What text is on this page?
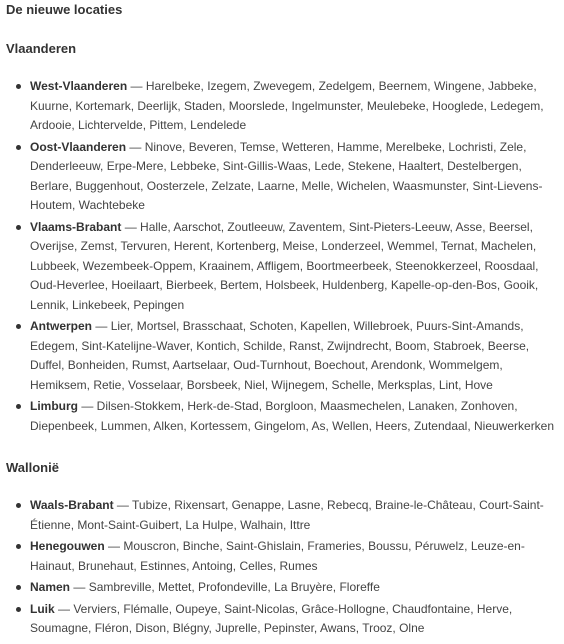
De nieuwe locaties
Vlaanderen
West-Vlaanderen — Harelbeke, Izegem, Zwevegem, Zedelgem, Beernem, Wingene, Jabbeke, Kuurne, Kortemark, Deerlijk, Staden, Moorslede, Ingelmunster, Meulebeke, Hooglede, Ledegem, Ardooie, Lichtervelde, Pittem, Lendelede
Oost-Vlaanderen — Ninove, Beveren, Temse, Wetteren, Hamme, Merelbeke, Lochristi, Zele, Denderleeuw, Erpe-Mere, Lebbeke, Sint-Gillis-Waas, Lede, Stekene, Haaltert, Destelbergen, Berlare, Buggenhout, Oosterzele, Zelzate, Laarne, Melle, Wichelen, Waasmunster, Sint-Lievens-Houtem, Wachtebeke
Vlaams-Brabant — Halle, Aarschot, Zoutleeuw, Zaventem, Sint-Pieters-Leeuw, Asse, Beersel, Overijse, Zemst, Tervuren, Herent, Kortenberg, Meise, Londerzeel, Wemmel, Ternat, Machelen, Lubbeek, Wezembeek-Oppem, Kraainem, Affligem, Boortmeerbeek, Steenokkerzeel, Roosdaal, Oud-Heverlee, Hoeilaart, Bierbeek, Bertem, Holsbeek, Huldenberg, Kapelle-op-den-Bos, Gooik, Lennik, Linkebeek, Pepingen
Antwerpen — Lier, Mortsel, Brasschaat, Schoten, Kapellen, Willebroek, Puurs-Sint-Amands, Edegem, Sint-Katelijne-Waver, Kontich, Schilde, Ranst, Zwijndrecht, Boom, Stabroek, Beerse, Duffel, Bonheiden, Rumst, Aartselaar, Oud-Turnhout, Boechout, Arendonk, Wommelgem, Hemiksem, Retie, Vosselaar, Borsbeek, Niel, Wijnegem, Schelle, Merksplas, Lint, Hove
Limburg — Dilsen-Stokkem, Herk-de-Stad, Borgloon, Maasmechelen, Lanaken, Zonhoven, Diepenbeek, Lummen, Alken, Kortessem, Gingelom, As, Wellen, Heers, Zutendaal, Nieuwerkerken
Wallonië
Waals-Brabant — Tubize, Rixensart, Genappe, Lasne, Rebecq, Braine-le-Château, Court-Saint-Étienne, Mont-Saint-Guibert, La Hulpe, Walhain, Ittre
Henegouwen — Mouscron, Binche, Saint-Ghislain, Frameries, Boussu, Péruwelz, Leuze-en-Hainaut, Brunehaut, Estinnes, Antoing, Celles, Rumes
Namen — Sambreville, Mettet, Profondeville, La Bruyère, Floreffe
Luik — Verviers, Flémalle, Oupeye, Saint-Nicolas, Grâce-Hollogne, Chaudfontaine, Herve, Soumagne, Fléron, Dison, Blégny, Juprelle, Pepinster, Awans, Trooz, Olne
